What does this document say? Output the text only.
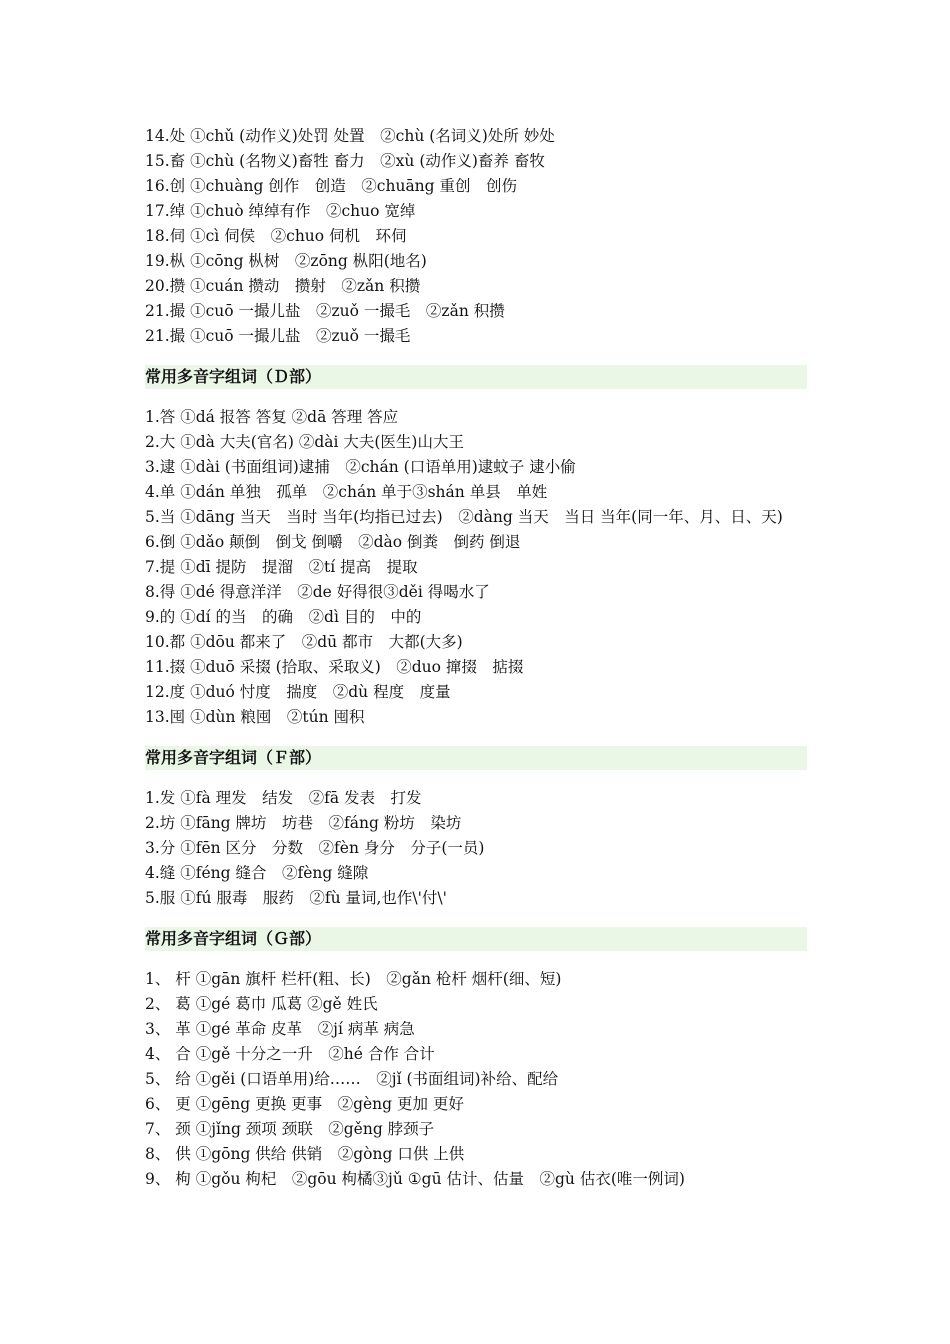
14.处 ①chǔ (动作义)处罚 处置　②chù (名词义)处所 妙处
15.畜 ①chù (名物义)畜牲 畜力　②xù (动作义)畜养 畜牧
16.创 ①chuàng 创作　创造　②chuāng 重创　创伤
17.绰 ①chuò 绰绰有作　②chuo 宽绰
18.伺 ①cì 伺侯　②chuo 伺机　环伺
19.枞 ①cōng 枞树　②zōng 枞阳(地名)
20.攒 ①cuán 攒动　攒射　②zǎn 积攒
21.撮 ①cuō 一撮儿盐　②zuǒ 一撮毛　②zǎn 积攒
21.撮 ①cuō 一撮儿盐　②zuǒ 一撮毛
常用多音字组词（Ｄ部）
1.答 ①dá 报答 答复 ②dā 答理 答应
2.大 ①dà 大夫(官名) ②dài 大夫(医生)山大王
3.逮 ①dài (书面组词)逮捕　②chán (口语单用)逮蚊子 逮小偷
4.单 ①dán 单独　孤单　②chán 单于③shán 单县　单姓
5.当 ①dāng 当天　当时 当年(均指已过去)　②dàng 当天　当日 当年(同一年、月、日、天)
6.倒 ①dǎo 颠倒　倒戈 倒嚼　②dào 倒粪　倒药 倒退
7.提 ①dī 提防　提溜　②tí 提高　提取
8.得 ①dé 得意洋洋　②de 好得很③děi 得喝水了
9.的 ①dí 的当　的确　②dì 目的　中的
10.都 ①dōu 都来了　②dū 都市　大都(大多)
11.掇 ①duō 采掇 (拾取、采取义)　②duo 撺掇　掂掇
12.度 ①duó 忖度　揣度　②dù 程度　度量
13.囤 ①dùn 粮囤　②tún 囤积
常用多音字组词（Ｆ部）
1.发 ①fà 理发　结发　②fā 发表　打发
2.坊 ①fāng 牌坊　坊巷　②fáng 粉坊　染坊
3.分 ①fēn 区分　分数　②fèn 身分　分子(一员)
4.缝 ①féng 缝合　②fèng 缝隙
5.服 ①fú 服毒　服药　②fù 量词,也作\'付\'
常用多音字组词（Ｇ部）
1、 杆 ①gān 旗杆 栏杆(粗、长)　②gǎn 枪杆 烟杆(细、短)
2、 葛 ①gé 葛巾 瓜葛 ②gě 姓氏
3、 革 ①gé 革命 皮革　②jí 病革 病急
4、 合 ①gě 十分之一升　②hé 合作 合计
5、 给 ①gěi (口语单用)给……　②jǐ (书面组词)补给、配给
6、 更 ①gēng 更换 更事　②gèng 更加 更好
7、 颈 ①jǐng 颈项 颈联　②gěng 脖颈子
8、 供 ①gōng 供给 供销　②gòng 口供 上供
9、 枸 ①gǒu 枸杞　②gōu 枸橘③jǔ ①gū 估计、估量　②gù 估衣(唯一例词)
